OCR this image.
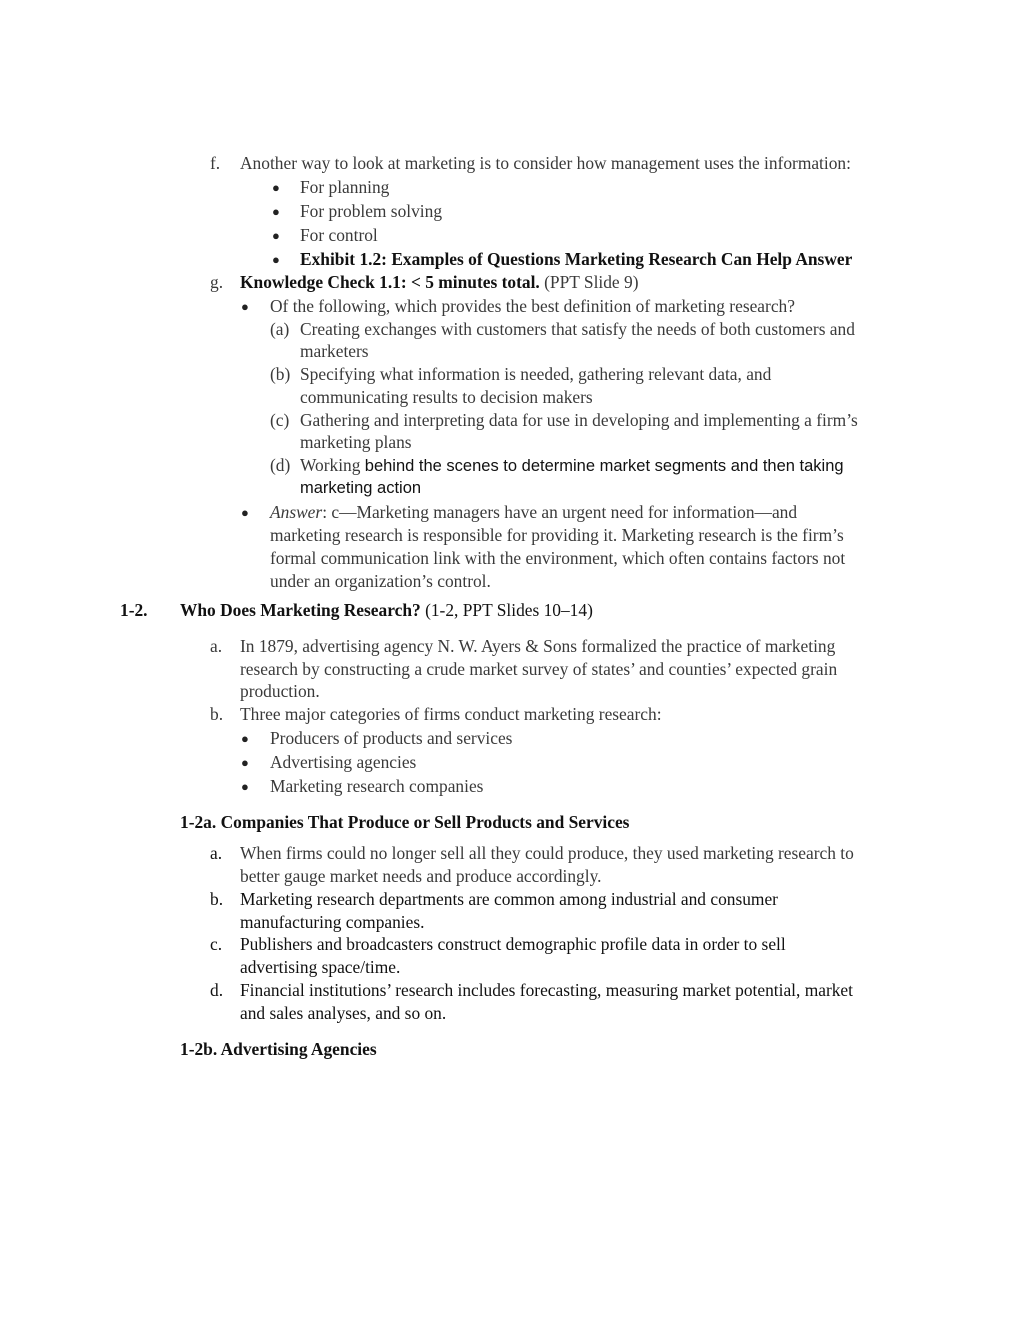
f. Another way to look at marketing is to consider how management uses the information:
● For planning
● For problem solving
● For control
● Exhibit 1.2: Examples of Questions Marketing Research Can Help Answer
g. Knowledge Check 1.1: < 5 minutes total. (PPT Slide 9)
● Of the following, which provides the best definition of marketing research?
(a) Creating exchanges with customers that satisfy the needs of both customers and
marketers
(b) Specifying what information is needed, gathering relevant data, and
communicating results to decision makers
(c) Gathering and interpreting data for use in developing and implementing a firm’s
marketing plans
(d) Working behind the scenes to determine market segments and then taking
marketing action
● Answer: c—Marketing managers have an urgent need for information—and
marketing research is responsible for providing it. Marketing research is the firm’s
formal communication link with the environment, which often contains factors not
under an organization’s control.
1-2. Who Does Marketing Research? (1-2, PPT Slides 10–14)
a. In 1879, advertising agency N. W. Ayers & Sons formalized the practice of marketing
research by constructing a crude market survey of states’ and counties’ expected grain
production.
b. Three major categories of firms conduct marketing research:
● Producers of products and services
● Advertising agencies
● Marketing research companies
1-2a. Companies That Produce or Sell Products and Services
a. When firms could no longer sell all they could produce, they used marketing research to
better gauge market needs and produce accordingly.
b. Marketing research departments are common among industrial and consumer
manufacturing companies.
c. Publishers and broadcasters construct demographic profile data in order to sell
advertising space/time.
d. Financial institutions’ research includes forecasting, measuring market potential, market
and sales analyses, and so on.
1-2b. Advertising Agencies
